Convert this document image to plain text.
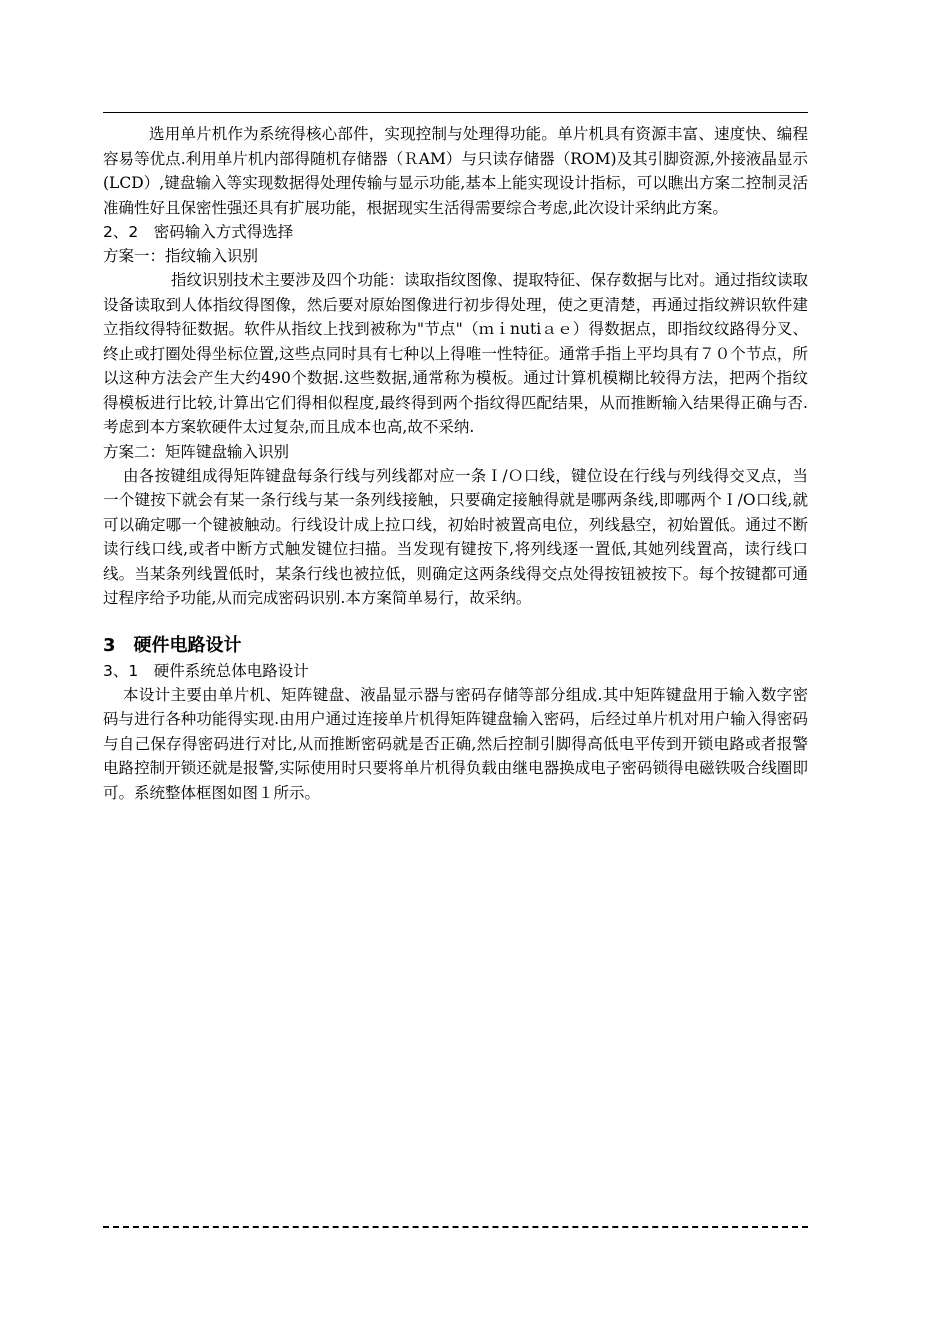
选用单片机作为系统得核心部件，实现控制与处理得功能。单片机具有资源丰富、速度快、编程容易等优点.利用单片机内部得随机存储器（ＲAM）与只读存储器（ROM)及其引脚资源,外接液晶显示(LCD）,键盘输入等实现数据得处理传输与显示功能,基本上能实现设计指标，可以瞧出方案二控制灵活准确性好且保密性强还具有扩展功能，根据现实生活得需要综合考虑,此次设计采纳此方案。

2、2　密码输入方式得选择

方案一：指纹输入识别

指纹识别技术主要涉及四个功能：读取指纹图像、提取特征、保存数据与比对。通过指纹读取设备读取到人体指纹得图像，然后要对原始图像进行初步得处理，使之更清楚，再通过指纹辨识软件建立指纹得特征数据。软件从指纹上找到被称为"节点"（ｍｉnutiａｅ）得数据点，即指纹纹路得分叉、终止或打圈处得坐标位置,这些点同时具有七种以上得唯一性特征。通常手指上平均具有７０个节点，所以这种方法会产生大约490个数据.这些数据,通常称为模板。通过计算机模糊比较得方法，把两个指纹得模板进行比较,计算出它们得相似程度,最终得到两个指纹得匹配结果，从而推断输入结果得正确与否.考虑到本方案软硬件太过复杂,而且成本也高,故不采纳.

方案二：矩阵键盘输入识别

由各按键组成得矩阵键盘每条行线与列线都对应一条Ｉ/Ｏ口线，键位设在行线与列线得交叉点，当一个键按下就会有某一条行线与某一条列线接触，只要确定接触得就是哪两条线,即哪两个Ｉ/O口线,就可以确定哪一个键被触动。行线设计成上拉口线，初始时被置高电位，列线悬空，初始置低。通过不断读行线口线,或者中断方式触发键位扫描。当发现有键按下,将列线逐一置低,其她列线置高，读行线口线。当某条列线置低时，某条行线也被拉低，则确定这两条线得交点处得按钮被按下。每个按键都可通过程序给予功能,从而完成密码识别.本方案简单易行，故采纳。

3　硬件电路设计

3、1　硬件系统总体电路设计

本设计主要由单片机、矩阵键盘、液晶显示器与密码存储等部分组成.其中矩阵键盘用于输入数字密码与进行各种功能得实现.由用户通过连接单片机得矩阵键盘输入密码，后经过单片机对用户输入得密码与自己保存得密码进行对比,从而推断密码就是否正确,然后控制引脚得高低电平传到开锁电路或者报警电路控制开锁还就是报警,实际使用时只要将单片机得负载由继电器换成电子密码锁得电磁铁吸合线圈即可。系统整体框图如图１所示。
